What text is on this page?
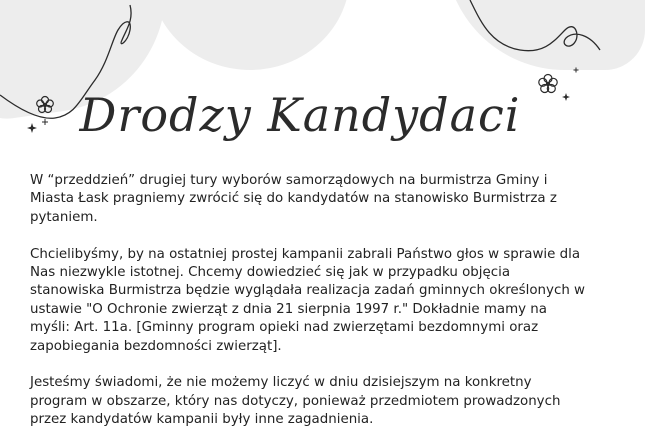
Drodzy Kandydaci

W “przeddzień” drugiej tury wyborów samorządowych na burmistrza Gminy i Miasta Łask pragniemy zwrócić się do kandydatów na stanowisko Burmistrza z pytaniem.

Chcielibyśmy, by na ostatniej prostej kampanii zabrali Państwo głos w sprawie dla Nas niezwykle istotnej. Chcemy dowiedzieć się jak w przypadku objęcia stanowiska Burmistrza będzie wyglądała realizacja zadań gminnych określonych w ustawie "O Ochronie zwierząt z dnia 21 sierpnia 1997 r." Dokładnie mamy na myśli: Art. 11a. [Gminny program opieki nad zwierzętami bezdomnymi oraz zapobiegania bezdomności zwierząt].

Jesteśmy świadomi, że nie możemy liczyć w dniu dzisiejszym na konkretny program w obszarze, który nas dotyczy, ponieważ przedmiotem prowadzonych przez kandydatów kampanii były inne zagadnienia.
